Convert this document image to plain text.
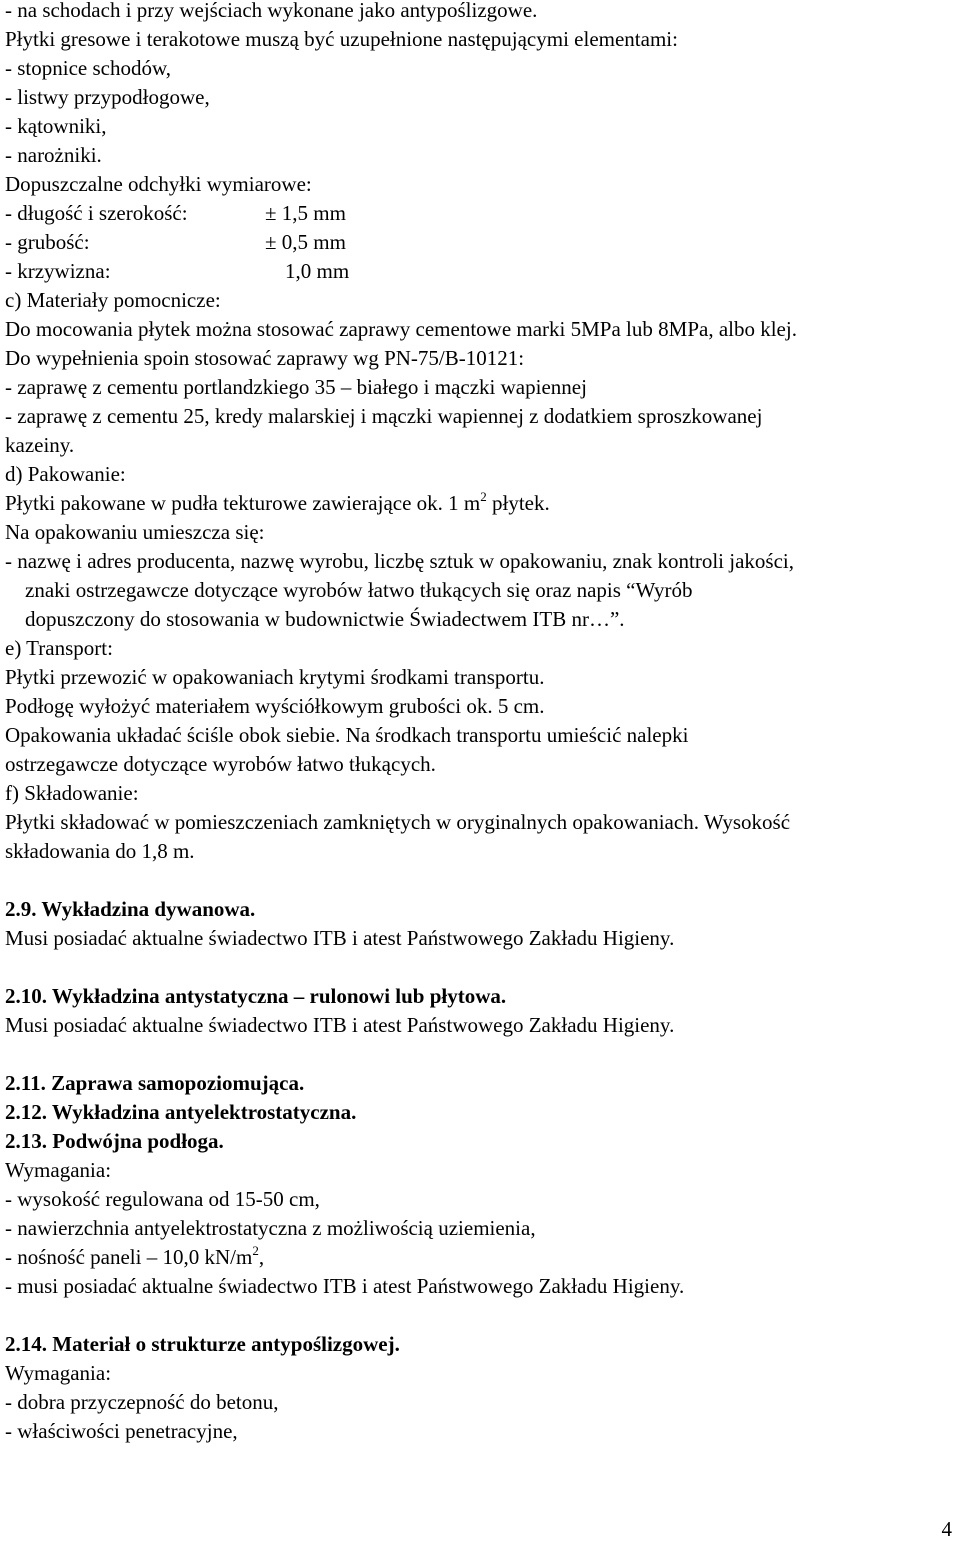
- na schodach i przy wejściach wykonane jako antypoślizgowe.
Płytki gresowe i terakotowe muszą być uzupełnione następującymi elementami:
- stopnice schodów,
- listwy przypodłogowe,
- kątowniki,
- narożniki.
Dopuszczalne odchyłki wymiarowe:
- długość i szerokość:	± 1,5 mm
- grubość:	± 0,5 mm
- krzywizna:	1,0 mm
c) Materiały pomocnicze:
Do mocowania płytek można stosować zaprawy cementowe marki 5MPa lub 8MPa, albo klej.
Do wypełnienia spoin stosować zaprawy wg PN-75/B-10121:
- zaprawę z cementu portlandzkiego 35 – białego i mączki wapiennej
- zaprawę z cementu 25, kredy malarskiej i mączki wapiennej z dodatkiem sproszkowanej
kazeiny.
d) Pakowanie:
Płytki pakowane w pudła tekturowe zawierające ok. 1 $m^2$ płytek.
Na opakowaniu umieszcza się:
- nazwę i adres producenta, nazwę wyrobu, liczbę sztuk w opakowaniu, znak kontroli jakości,
znaki ostrzegawcze dotyczące wyrobów łatwo tłukących się oraz napis “Wyrób
dopuszczony do stosowania w budownictwie Świadectwem ITB nr…”.
e) Transport:
Płytki przewozić w opakowaniach krytymi środkami transportu.
Podłogę wyłożyć materiałem wyściółkowym grubości ok. 5 cm.
Opakowania układać ściśle obok siebie. Na środkach transportu umieścić nalepki
ostrzegawcze dotyczące wyrobów łatwo tłukących.
f) Składowanie:
Płytki składować w pomieszczeniach zamkniętych w oryginalnych opakowaniach. Wysokość
składowania do 1,8 m.
2.9. Wykładzina dywanowa.
Musi posiadać aktualne świadectwo ITB i atest Państwowego Zakładu Higieny.
2.10. Wykładzina antystatyczna – rulonowi lub płytowa.
Musi posiadać aktualne świadectwo ITB i atest Państwowego Zakładu Higieny.
2.11. Zaprawa samopoziomująca.
2.12. Wykładzina antyelektrostatyczna.
2.13. Podwójna podłoga.
Wymagania:
- wysokość regulowana od 15-50 cm,
- nawierzchnia antyelektrostatyczna z możliwością uziemienia,
- nośność paneli – 10,0 $kN/m^2$,
- musi posiadać aktualne świadectwo ITB i atest Państwowego Zakładu Higieny.
2.14. Materiał o strukturze antypoślizgowej.
Wymagania:
- dobra przyczepność do betonu,
- właściwości penetracyjne,
4
